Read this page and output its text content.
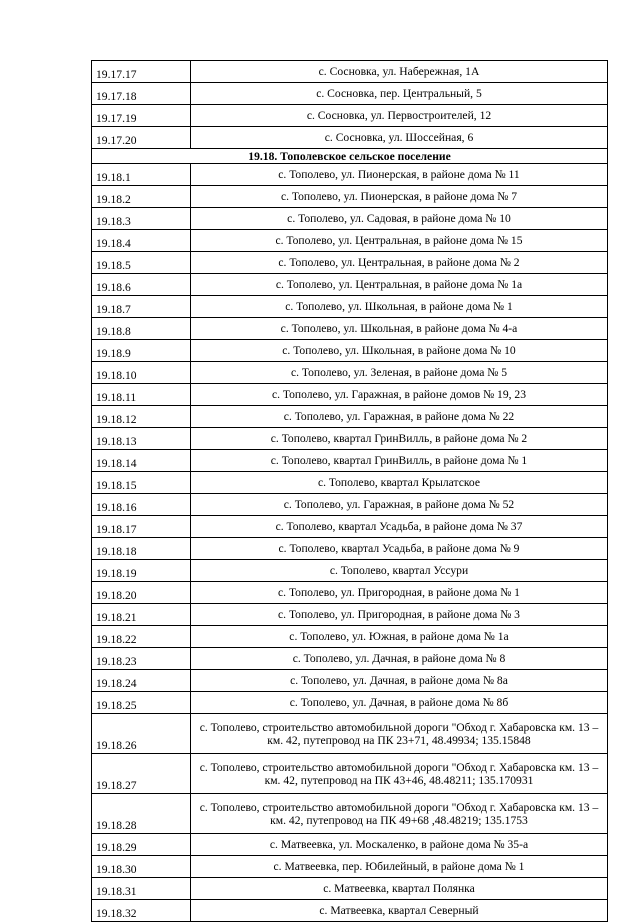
19.17.17	с. Сосновка, ул. Набережная, 1А
19.17.18	с. Сосновка, пер. Центральный, 5
19.17.19	с. Сосновка, ул. Первостроителей, 12
19.17.20	с. Сосновка, ул. Шоссейная, 6
19.18. Тополевское сельское поселение	
19.18.1	с. Тополево, ул. Пионерская, в районе дома № 11
19.18.2	с. Тополево, ул. Пионерская, в районе дома № 7
19.18.3	с. Тополево, ул. Садовая, в районе дома № 10
19.18.4	с. Тополево, ул. Центральная, в районе дома № 15
19.18.5	с. Тополево, ул. Центральная, в районе дома № 2
19.18.6	с. Тополево, ул. Центральная, в районе дома № 1а
19.18.7	с. Тополево, ул. Школьная, в районе дома № 1
19.18.8	с. Тополево, ул. Школьная, в районе дома № 4-а
19.18.9	с. Тополево, ул. Школьная, в районе дома № 10
19.18.10	с. Тополево, ул. Зеленая, в районе дома № 5
19.18.11	с. Тополево, ул. Гаражная, в районе домов № 19, 23
19.18.12	с. Тополево, ул. Гаражная, в районе дома № 22
19.18.13	с. Тополево, квартал ГринВилль, в районе дома № 2
19.18.14	с. Тополево, квартал ГринВилль, в районе дома № 1
19.18.15	с. Тополево, квартал Крылатское
19.18.16	с. Тополево, ул. Гаражная, в районе дома № 52
19.18.17	с. Тополево, квартал Усадьба, в районе дома № 37
19.18.18	с. Тополево, квартал Усадьба, в районе дома № 9
19.18.19	с. Тополево, квартал Уссури
19.18.20	с. Тополево, ул. Пригородная, в районе дома № 1
19.18.21	с. Тополево, ул. Пригородная, в районе дома № 3
19.18.22	с. Тополево, ул. Южная, в районе дома № 1а
19.18.23	с. Тополево, ул. Дачная, в районе дома № 8
19.18.24	с. Тополево, ул. Дачная, в районе дома № 8а
19.18.25	с. Тополево, ул. Дачная, в районе дома № 8б
19.18.26	с. Тополево, строительство автомобильной дороги "Обход г. Хабаровска км. 13 – км. 42, путепровод на ПК 23+71, 48.49934; 135.15848
19.18.27	с. Тополево, строительство автомобильной дороги "Обход г. Хабаровска км. 13 – км. 42, путепровод на ПК 43+46, 48.48211; 135.170931
19.18.28	с. Тополево, строительство автомобильной дороги "Обход г. Хабаровска км. 13 – км. 42, путепровод на ПК 49+68 ,48.48219; 135.1753
19.18.29	с. Матвеевка, ул. Москаленко, в районе дома № 35-а
19.18.30	с. Матвеевка, пер. Юбилейный, в районе дома № 1
19.18.31	с. Матвеевка, квартал Полянка
19.18.32	с. Матвеевка, квартал Северный
